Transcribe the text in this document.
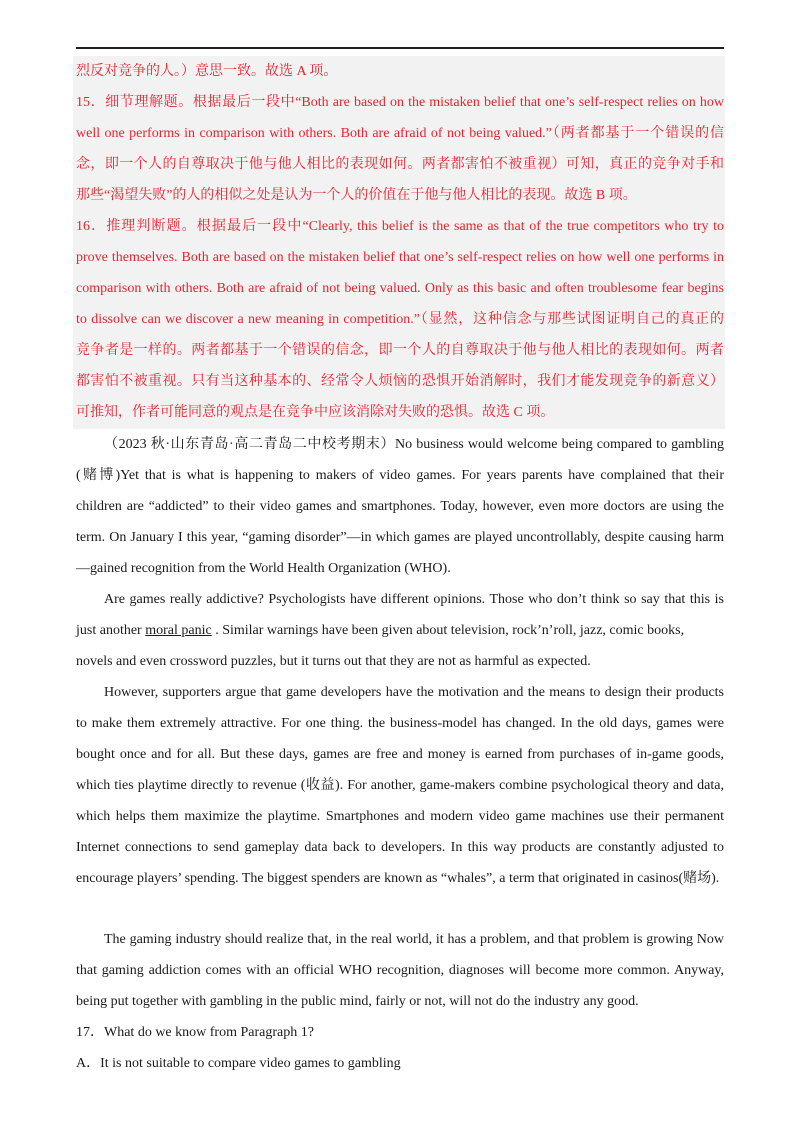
烈反对竞争的人。）意思一致。故选 A 项。
15．细节理解题。根据最后一段中“Both are based on the mistaken belief that one’s self-respect relies on how
well one performs in comparison with others. Both are afraid of not being valued.”（两者都基于一个错误的信
念，即一个人的自尊取决于他与他人相比的表现如何。两者都害怕不被重视）可知，真正的竞争对手和
那些“渴望失败”的人的相似之处是认为一个人的价值在于他与他人相比的表现。故选 B 项。
16．推理判断题。根据最后一段中“Clearly, this belief is the same as that of the true competitors who try to
prove themselves. Both are based on the mistaken belief that one’s self-respect relies on how well one performs in
comparison with others. Both are afraid of not being valued. Only as this basic and often troublesome fear begins
to dissolve can we discover a new meaning in competition.”（显然，这种信念与那些试图证明自己的真正的
竞争者是一样的。两者都基于一个错误的信念，即一个人的自尊取决于他与他人相比的表现如何。两者
都害怕不被重视。只有当这种基本的、经常令人烦恼的恐惧开始消解时，我们才能发现竞争的新意义）
可推知，作者可能同意的观点是在竞争中应该消除对失败的恐惧。故选 C 项。
（2023 秋·山东青岛·高二青岛二中校考期末）No business would welcome being compared to gambling
(赌博)Yet that is what is happening to makers of video games. For years parents have complained that their
children are “addicted” to their video games and smartphones. Today, however, even more doctors are using the
term. On January I this year, “gaming disorder”—in which games are played uncontrollably, despite causing harm
—gained recognition from the World Health Organization (WHO).
Are games really addictive? Psychologists have different opinions. Those who don’t think so say that this is
just another moral panic . Similar warnings have been given about television, rock’n’roll, jazz, comic books,
novels and even crossword puzzles, but it turns out that they are not as harmful as expected.
However, supporters argue that game developers have the motivation and the means to design their products
to make them extremely attractive. For one thing. the business-model has changed. In the old days, games were
bought once and for all. But these days, games are free and money is earned from purchases of in-game goods,
which ties playtime directly to revenue (收益). For another, game-makers combine psychological theory and data,
which helps them maximize the playtime. Smartphones and modern video game machines use their permanent
Internet connections to send gameplay data back to developers. In this way products are constantly adjusted to
encourage players’ spending. The biggest spenders are known as “whales”, a term that originated in casinos(赌场).
The gaming industry should realize that, in the real world, it has a problem, and that problem is growing Now
that gaming addiction comes with an official WHO recognition, diagnoses will become more common. Anyway,
being put together with gambling in the public mind, fairly or not, will not do the industry any good.
17．What do we know from Paragraph 1?
A．It is not suitable to compare video games to gambling
